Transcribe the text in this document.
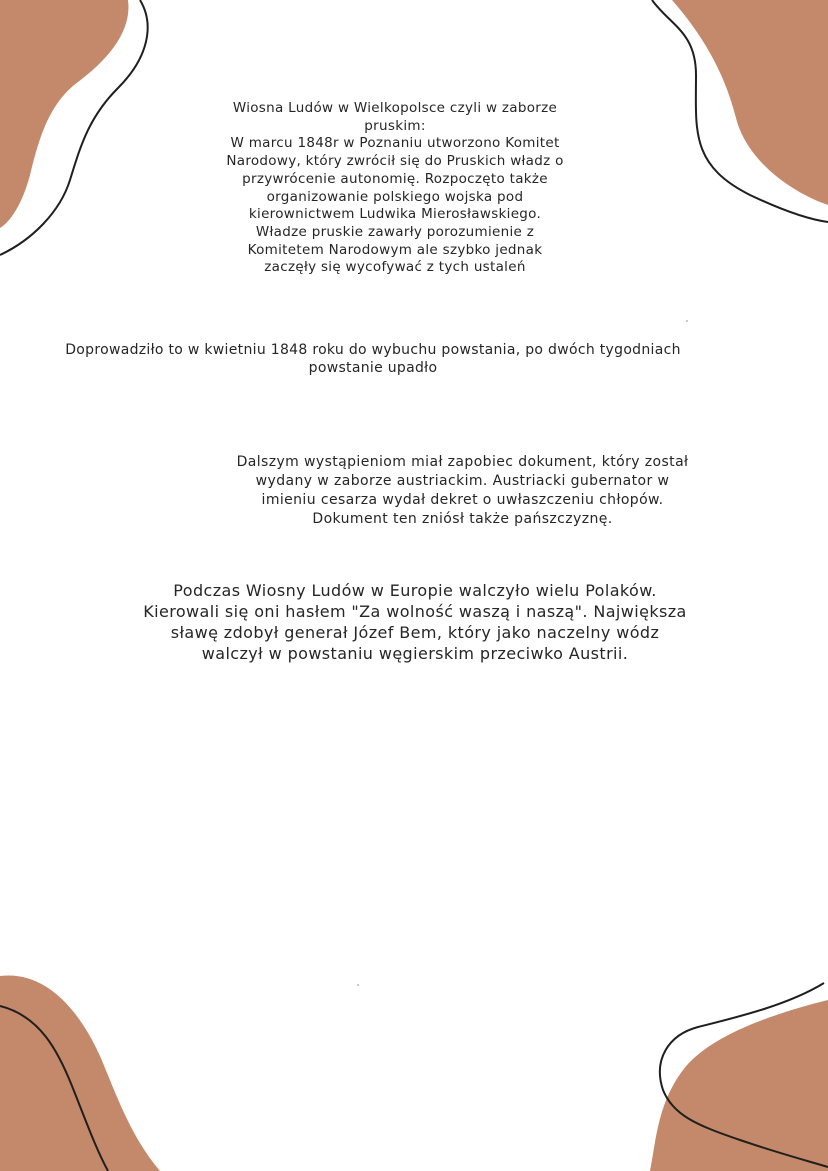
Wiosna Ludów w Wielkopolsce czyli w zaborze
pruskim:
W marcu 1848r w Poznaniu utworzono Komitet
Narodowy, który zwrócił się do Pruskich władz o
przywrócenie autonomię. Rozpoczęto także
organizowanie polskiego wojska pod
kierownictwem Ludwika Mierosławskiego.
Władze pruskie zawarły porozumienie z
Komitetem Narodowym ale szybko jednak
zaczęły się wycofywać z tych ustaleń
Doprowadziło to w kwietniu 1848 roku do wybuchu powstania, po dwóch tygodniach
powstanie upadło
Dalszym wystąpieniom miał zapobiec dokument, który został
wydany w zaborze austriackim. Austriacki gubernator w
imieniu cesarza wydał dekret o uwłaszczeniu chłopów.
Dokument ten zniósł także pańszczyznę.
Podczas Wiosny Ludów w Europie walczyło wielu Polaków.
Kierowali się oni hasłem "Za wolność waszą i naszą". Największa
sławę zdobył generał Józef Bem, który jako naczelny wódz
walczył w powstaniu węgierskim przeciwko Austrii.
